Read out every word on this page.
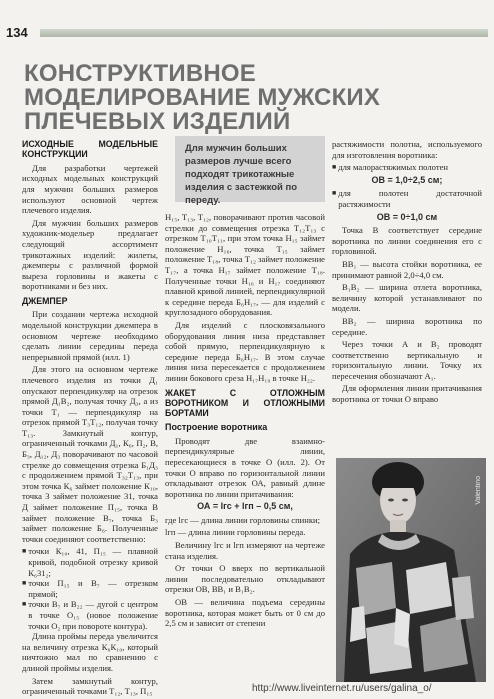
134
КОНСТРУКТИВНОЕ МОДЕЛИРОВАНИЕ МУЖСКИХ ПЛЕЧЕВЫХ ИЗДЕЛИЙ
ИСХОДНЫЕ МОДЕЛЬНЫЕ КОНСТРУКЦИИ

Для разработки чертежей исходных модельных конструкций для мужчин больших размеров используют основной чертеж плечевого изделия.

Для мужчин больших размеров художник-модельер предлагает следующий ассортимент трикотажных изделий: жилеты, джемперы с различной формой выреза горловины и жакеты с воротниками и без них.

ДЖЕМПЕР

При создании чертежа исходной модельной конструкции джемпера в основном чертеже необходимо сделать линии середины переда непрерывной прямой (илл. 1)

Для этого на основном чертеже плечевого изделия из точки Д₁ опускают перпендикуляр на отрезок прямой Д₁В₂, получая точку Д₃, а из точки Т₁ — перпендикуляр на отрезок прямой Т₃Т₁₂, получая точку Т₁₃. Замкнутый контур, ограниченный точками Д₁, К₆, П₂, В, Б₃, Д₁₂, Д₃ поворачивают по часовой стрелке до совмещения отрезка Б₁Д₃ с продолжением прямой Т₃₂Т₁₃, при этом точка К₆ займет положение К₁₀, точка 3 займет положение 31, точка Д займет положение П₁₅, точка В займет положение В₇, точка Б₃ займет положение Б₆. Полученные точки соединяют соответственно:

■ точки К₁₀, 41, П₁₅ — плавной кривой, подобной отрезку кривой К₆31₂;
■ точки П₁₅ и В₇ — отрезком прямой;
■ точки В₇ и В₂₂ — дугой с центром в точке О₁₅ (новое положение точки О₂ при повороте контура).

Длина проймы переда увеличится на величину отрезка К₆К₁₀, который ничтожно мал по сравнению с длиной проймы изделия.

Затем замкнутый контур, ограниченный точками Т₁₂, Т₁₃, П₁₅

Для мужчин больших размеров лучше всего подходят трикотажные изделия с застежкой по переду.

Н₁₅, Т₁₃, Т₁₂, поворачивают против часовой стрелки до совмещения отрезка Т₁₂Т₁₃ с отрезком Т₁₀Т₁₁, при этом точка Н₁₅ займет положение Н₁₆, точка Т₁₅ займет положение Т₁₈, точка Т₁₂ займет положение Т₁₇, а точка Н₁₇ займет положение Т₁₈. Полученные точки Н₁₆ и Н₁₇ соединяют плавной кривой линией, перпендикулярной к середине переда Б₆Н₁₇, — для изделий с круглозадного оборудования.

Для изделий с плосковязального оборудования линия низа представляет собой прямую, перпендикулярную к середине переда Б₆Н₁₇. В этом случае линия низа пересекается с продолжением линии бокового среза Н₁₇Н₁₉ в точке Н₂₂.

ЖАКЕТ С ОТЛОЖНЫМ ВОРОТНИКОМ И ОТЛОЖНЫМИ БОРТАМИ
Построение воротника

Проводят две взаимно-перпендикулярные линии, пересекающиеся в точке О (илл. 2). От точки О вправо по горизонтальной линии откладывают отрезок ОА, равный длине воротника по линии притачивания:

ОА = lгс + lгп – 0,5 см,

где lгс — длина линии горловины спинки;

lгп — длина линии горловины переда.

Величину lгс и lгп измеряют на чертеже стана изделия.

От точки О вверх по вертикальной линии последовательно откладывают отрезки ОВ, ВВ₁ и В₁В₂.

ОВ — величина подъема середины воротника, которая может быть от 0 см до 2,5 см и зависит от степени

растяжимости полотна, используемого для изготовления воротника:

■ для малорастяжимых полотен
ОВ = 1,0÷2,5 см;
■ для полотен достаточной растяжимости
ОВ = 0÷1,0 см

Точка В соответствует середине воротника по линии соединения его с горловиной.

ВВ₁ — высота стойки воротника, ее принимают равной 2,0÷4,0 см.

В₁В₂ — ширина отлета воротника, величину которой устанавливают по модели.

ВВ₂ — ширина воротника по середине.

Через точки А и В₂ проводят соответственно вертикальную и горизонтальную линии. Точку их пересечения обозначают А₁.

Для оформления линии притачивания воротника от точки О вправо

Valentino
http://www.liveinternet.ru/users/galina_o/
